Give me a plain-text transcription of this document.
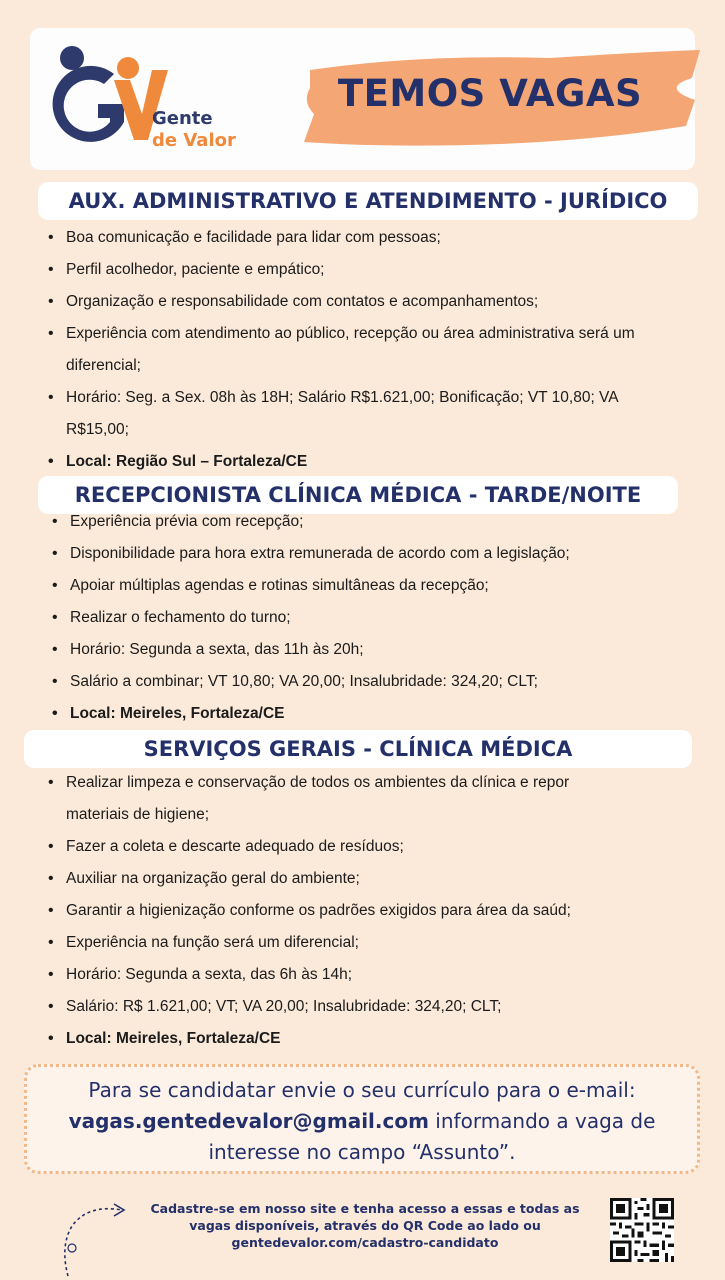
Gente
de Valor
TEMOS VAGAS
AUX. ADMINISTRATIVO E ATENDIMENTO - JURÍDICO
• Boa comunicação e facilidade para lidar com pessoas;
• Perfil acolhedor, paciente e empático;
• Organização e responsabilidade com contatos e acompanhamentos;
• Experiência com atendimento ao público, recepção ou área administrativa será um
diferencial;
• Horário: Seg. a Sex. 08h às 18H; Salário R$1.621,00; Bonificação; VT 10,80; VA
R$15,00;
• Local: Região Sul – Fortaleza/CE
RECEPCIONISTA CLÍNICA MÉDICA - TARDE/NOITE
• Experiência prévia com recepção;
• Disponibilidade para hora extra remunerada de acordo com a legislação;
• Apoiar múltiplas agendas e rotinas simultâneas da recepção;
• Realizar o fechamento do turno;
• Horário: Segunda a sexta, das 11h às 20h;
• Salário a combinar; VT 10,80; VA 20,00; Insalubridade: 324,20; CLT;
• Local: Meireles, Fortaleza/CE
SERVIÇOS GERAIS - CLÍNICA MÉDICA
• Realizar limpeza e conservação de todos os ambientes da clínica e repor
materiais de higiene;
• Fazer a coleta e descarte adequado de resíduos;
• Auxiliar na organização geral do ambiente;
• Garantir a higienização conforme os padrões exigidos para área da saúd;
• Experiência na função será um diferencial;
• Horário: Segunda a sexta, das 6h às 14h;
• Salário: R$ 1.621,00; VT; VA 20,00; Insalubridade: 324,20; CLT;
• Local: Meireles, Fortaleza/CE
Para se candidatar envie o seu currículo para o e-mail:
vagas.gentedevalor@gmail.com informando a vaga de
interesse no campo “Assunto”.
Cadastre-se em nosso site e tenha acesso a essas e todas as
vagas disponíveis, através do QR Code ao lado ou
gentedevalor.com/cadastro-candidato
